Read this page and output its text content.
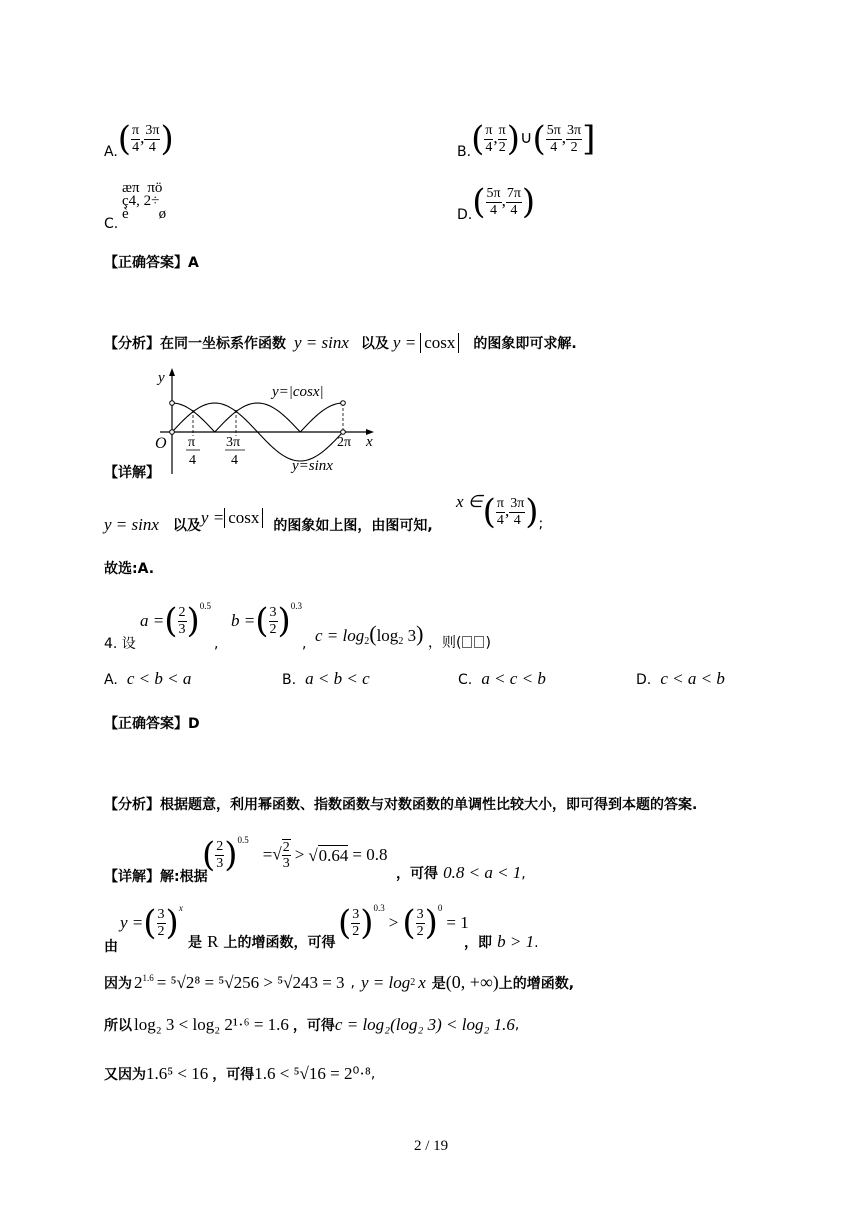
A. ( $\frac{\pi}{4}$ , $\frac{3\pi}{4}$ )	B. ( $\frac{\pi}{4}$ , $\frac{\pi}{2}$ )∪( $\frac{5\pi}{4}$ , $\frac{3\pi}{2}$ ]
C.
æπ πö
ç4, 2÷
è ø	D. ( $\frac{5\pi}{4}$ , $\frac{7\pi}{4}$ )
【正确答案】A
【分析】在同一坐标系作函数 y = sinx 以及 y = cosx 的图象即可求解.
y
x
O
y=|cosx|
y=sinx
π
4
3π
4
2π
【详解】
y = sinx 以及 y = cosx 的图象如上图，由图可知,
x ∈ ( $\frac{\pi}{4}$ , $\frac{3\pi}{4}$ ) ;
故选:A.
4. 设
a = ( $\frac{2}{3}$ ) 0.5
,
b = ( $\frac{3}{2}$ ) 0.3
, $c = \log_2(\log_2$ 3) ，则( )
A. c < b < a	B. a < b < c	C. a < c < b	D. c < a < b
【正确答案】D
【分析】根据题意，利用幂函数、指数函数与对数函数的单调性比较大小，即可得到本题的答案.
【详解】解:根据
( $\frac{2}{3}$ ) 0.5
= √ $\frac{2}{3} > √0.64 = 0.8$
，可得 0.8 < a < 1,
由
y = ( $\frac{3}{2}$ ) x
是 R 上的增函数，可得 ( $\frac{3}{2}$ ) 0.3
> ( $\frac{3}{2}$ ) 0
= 1
，即 b > 1.
因为 $2^{1.6} = ^5√2^8 = ^5√256 > ^5√243 = 3$ , y = log 2 x 是 (0, +∞) 上的增函数,
所以 log₂ 3 < log₂ 2¹·⁶ = 1.6 ，可得 c = log₂(log₂ 3) < log₂ 1.6 ,
又因为 1.6⁵ < 16 ，可得 1.6 < ⁵√16 = 2⁰·⁸ ,
2 / 19
